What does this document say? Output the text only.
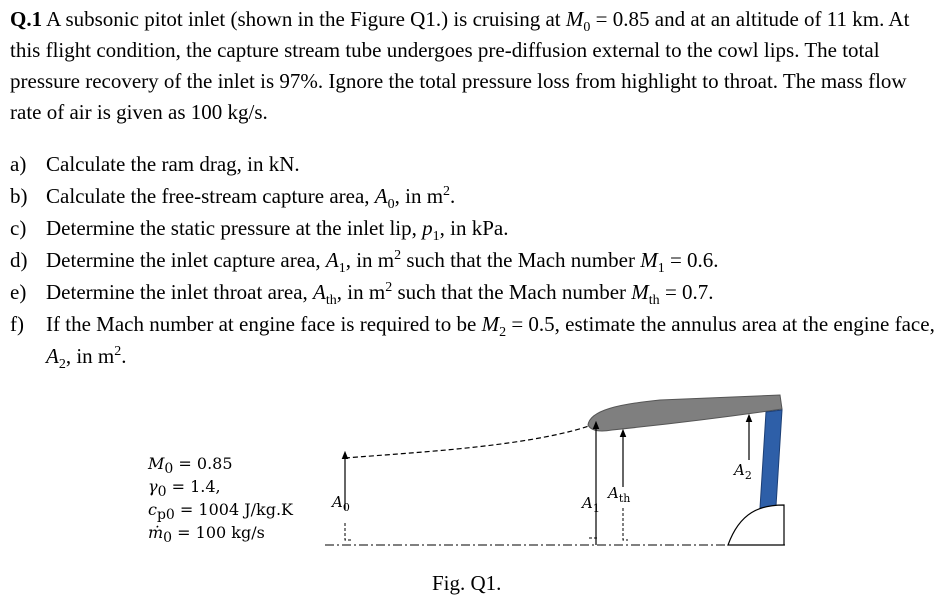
Q.1 A subsonic pitot inlet (shown in the Figure Q1.) is cruising at $M_0 = 0.85$ and at an altitude of 11 km. At this flight condition, the capture stream tube undergoes pre-diffusion external to the cowl lips. The total pressure recovery of the inlet is 97%. Ignore the total pressure loss from highlight to throat. The mass flow rate of air is given as 100 kg/s.

a) Calculate the ram drag, in kN.
b) Calculate the free-stream capture area, $A_0$, in $m^2$.
c) Determine the static pressure at the inlet lip, $p_1$, in kPa.
d) Determine the inlet capture area, $A_1$, in $m^2$ such that the Mach number $M_1 = 0.6$.
e) Determine the inlet throat area, $A_{th}$, in $m^2$ such that the Mach number $M_{th} = 0.7$.
f) If the Mach number at engine face is required to be $M_2 = 0.5$, estimate the annulus area at the engine face, $A_2$, in $m^2$.
$M_0 = 0.85$
$\gamma_0 = 1.4$,
$c_{p0} = 1004$ J/kg.K
ṁ$_0$ = 100 kg/s
$A_0$	$A_1$
$A_{th}$
$A_2$
Fig. Q1.
